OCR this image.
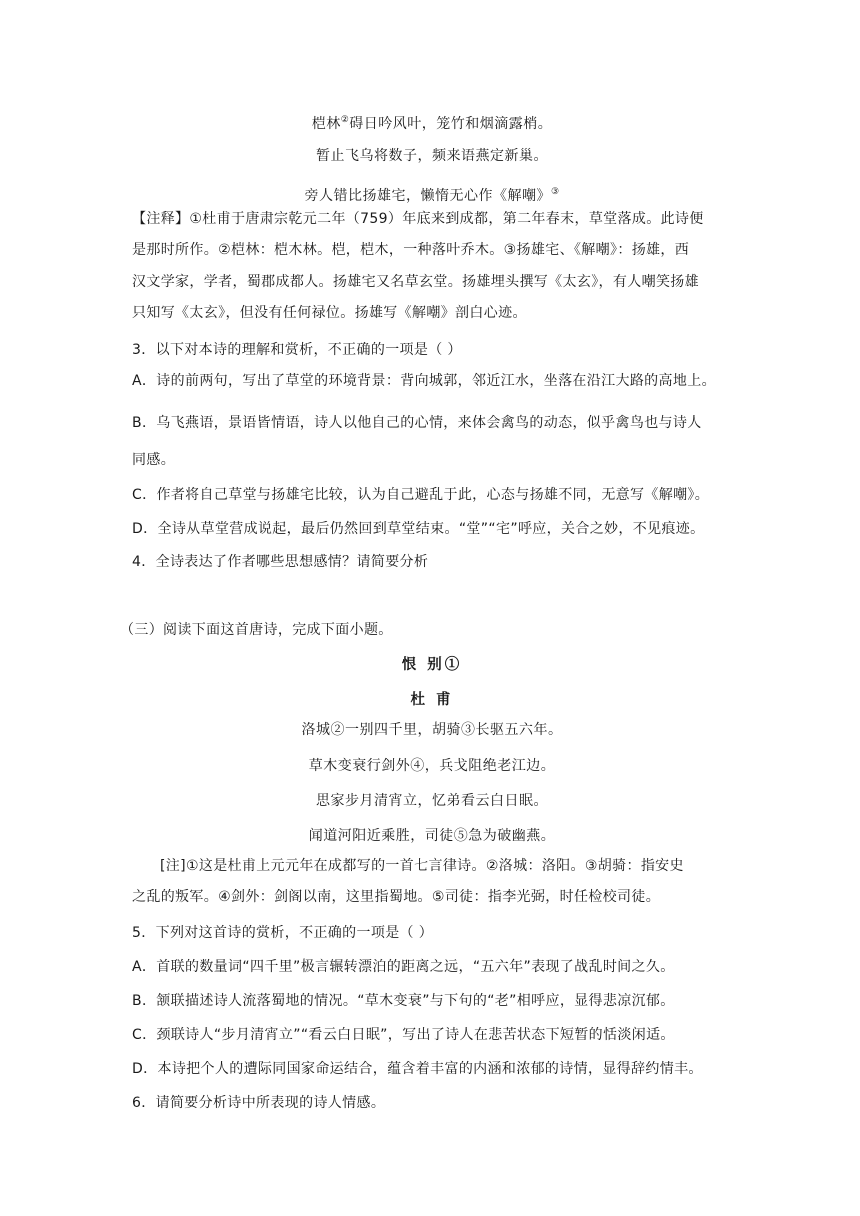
桤林②碍日吟风叶，笼竹和烟滴露梢。
暂止飞乌将数子，频来语燕定新巢。
旁人错比扬雄宅，懒惰无心作《解嘲》③
【注释】①杜甫于唐肃宗乾元二年（759）年底来到成都，第二年春末，草堂落成。此诗便
是那时所作。②桤林：桤木林。桤，桤木，一种落叶乔木。③扬雄宅、《解嘲》：扬雄，西
汉文学家，学者，蜀郡成都人。扬雄宅又名草玄堂。扬雄埋头撰写《太玄》，有人嘲笑扬雄
只知写《太玄》，但没有任何禄位。扬雄写《解嘲》剖白心迹。
3．以下对本诗的理解和赏析，不正确的一项是（ ）
A．诗的前两句，写出了草堂的环境背景：背向城郭，邻近江水，坐落在沿江大路的高地上。
B．乌飞燕语，景语皆情语，诗人以他自己的心情，来体会禽鸟的动态，似乎禽鸟也与诗人
同感。
C．作者将自己草堂与扬雄宅比较，认为自己避乱于此，心态与扬雄不同，无意写《解嘲》。
D．全诗从草堂营成说起，最后仍然回到草堂结束。“堂”“宅”呼应，关合之妙，不见痕迹。
4．全诗表达了作者哪些思想感情？请简要分析
（三）阅读下面这首唐诗，完成下面小题。
恨 别①
杜 甫
洛城②一别四千里，胡骑③长驱五六年。
草木变衰行剑外④，兵戈阻绝老江边。
思家步月清宵立，忆弟看云白日眠。
闻道河阳近乘胜，司徒⑤急为破幽燕。
[注]①这是杜甫上元元年在成都写的一首七言律诗。②洛城：洛阳。③胡骑：指安史
之乱的叛军。④剑外：剑阁以南，这里指蜀地。⑤司徒：指李光弼，时任检校司徒。
5．下列对这首诗的赏析，不正确的一项是（ ）
A．首联的数量词“四千里”极言辗转漂泊的距离之远，“五六年”表现了战乱时间之久。
B．颔联描述诗人流落蜀地的情况。“草木变衰”与下句的“老”相呼应，显得悲凉沉郁。
C．颈联诗人“步月清宵立”“看云白日眠”，写出了诗人在悲苦状态下短暂的恬淡闲适。
D．本诗把个人的遭际同国家命运结合，蕴含着丰富的内涵和浓郁的诗情，显得辞约情丰。
6．请简要分析诗中所表现的诗人情感。
